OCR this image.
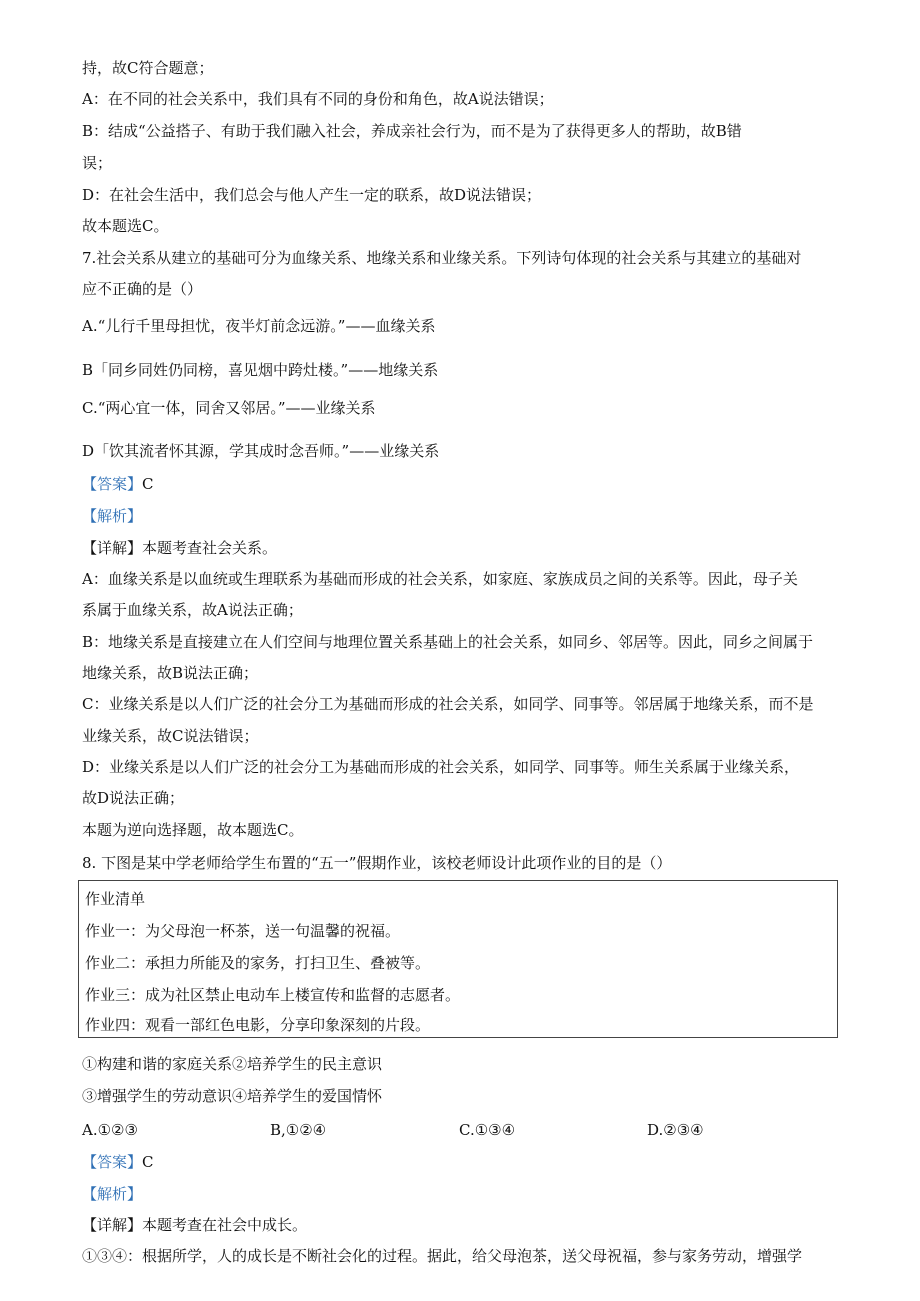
持，故C符合题意；
A：在不同的社会关系中，我们具有不同的身份和角色，故A说法错误；
B：结成“公益搭子、有助于我们融入社会，养成亲社会行为，而不是为了获得更多人的帮助，故B错
误；
D：在社会生活中，我们总会与他人产生一定的联系，故D说法错误；
故本题选C。
7.社会关系从建立的基础可分为血缘关系、地缘关系和业缘关系。下列诗句体现的社会关系与其建立的基础对
应不正确的是（）
A.“儿行千里母担忧，夜半灯前念远游。”——血缘关系
B「同乡同姓仍同榜，喜见烟中跨灶楼。”——地缘关系
C.“两心宜一体，同舍又邻居。”——业缘关系
D「饮其流者怀其源，学其成时念吾师。”——业缘关系
【答案】C
【解析】
【详解】本题考查社会关系。
A：血缘关系是以血统或生理联系为基础而形成的社会关系，如家庭、家族成员之间的关系等。因此，母子关
系属于血缘关系，故A说法正确；
B：地缘关系是直接建立在人们空间与地理位置关系基础上的社会关系，如同乡、邻居等。因此，同乡之间属于
地缘关系，故B说法正确；
C：业缘关系是以人们广泛的社会分工为基础而形成的社会关系，如同学、同事等。邻居属于地缘关系，而不是
业缘关系，故C说法错误；
D：业缘关系是以人们广泛的社会分工为基础而形成的社会关系，如同学、同事等。师生关系属于业缘关系，
故D说法正确；
本题为逆向选择题，故本题选C。
8. 下图是某中学老师给学生布置的“五一”假期作业，该校老师设计此项作业的目的是（）
作业清单
作业一：为父母泡一杯茶，送一句温馨的祝福。
作业二：承担力所能及的家务，打扫卫生、叠被等。
作业三：成为社区禁止电动车上楼宣传和监督的志愿者。
作业四：观看一部红色电影，分享印象深刻的片段。
①构建和谐的家庭关系②培养学生的民主意识
③增强学生的劳动意识④培养学生的爱国情怀
A.①②③	B,①②④	C.①③④	D.②③④
【答案】C
【解析】
【详解】本题考查在社会中成长。
①③④：根据所学，人的成长是不断社会化的过程。据此，给父母泡茶，送父母祝福，参与家务劳动，增强学
